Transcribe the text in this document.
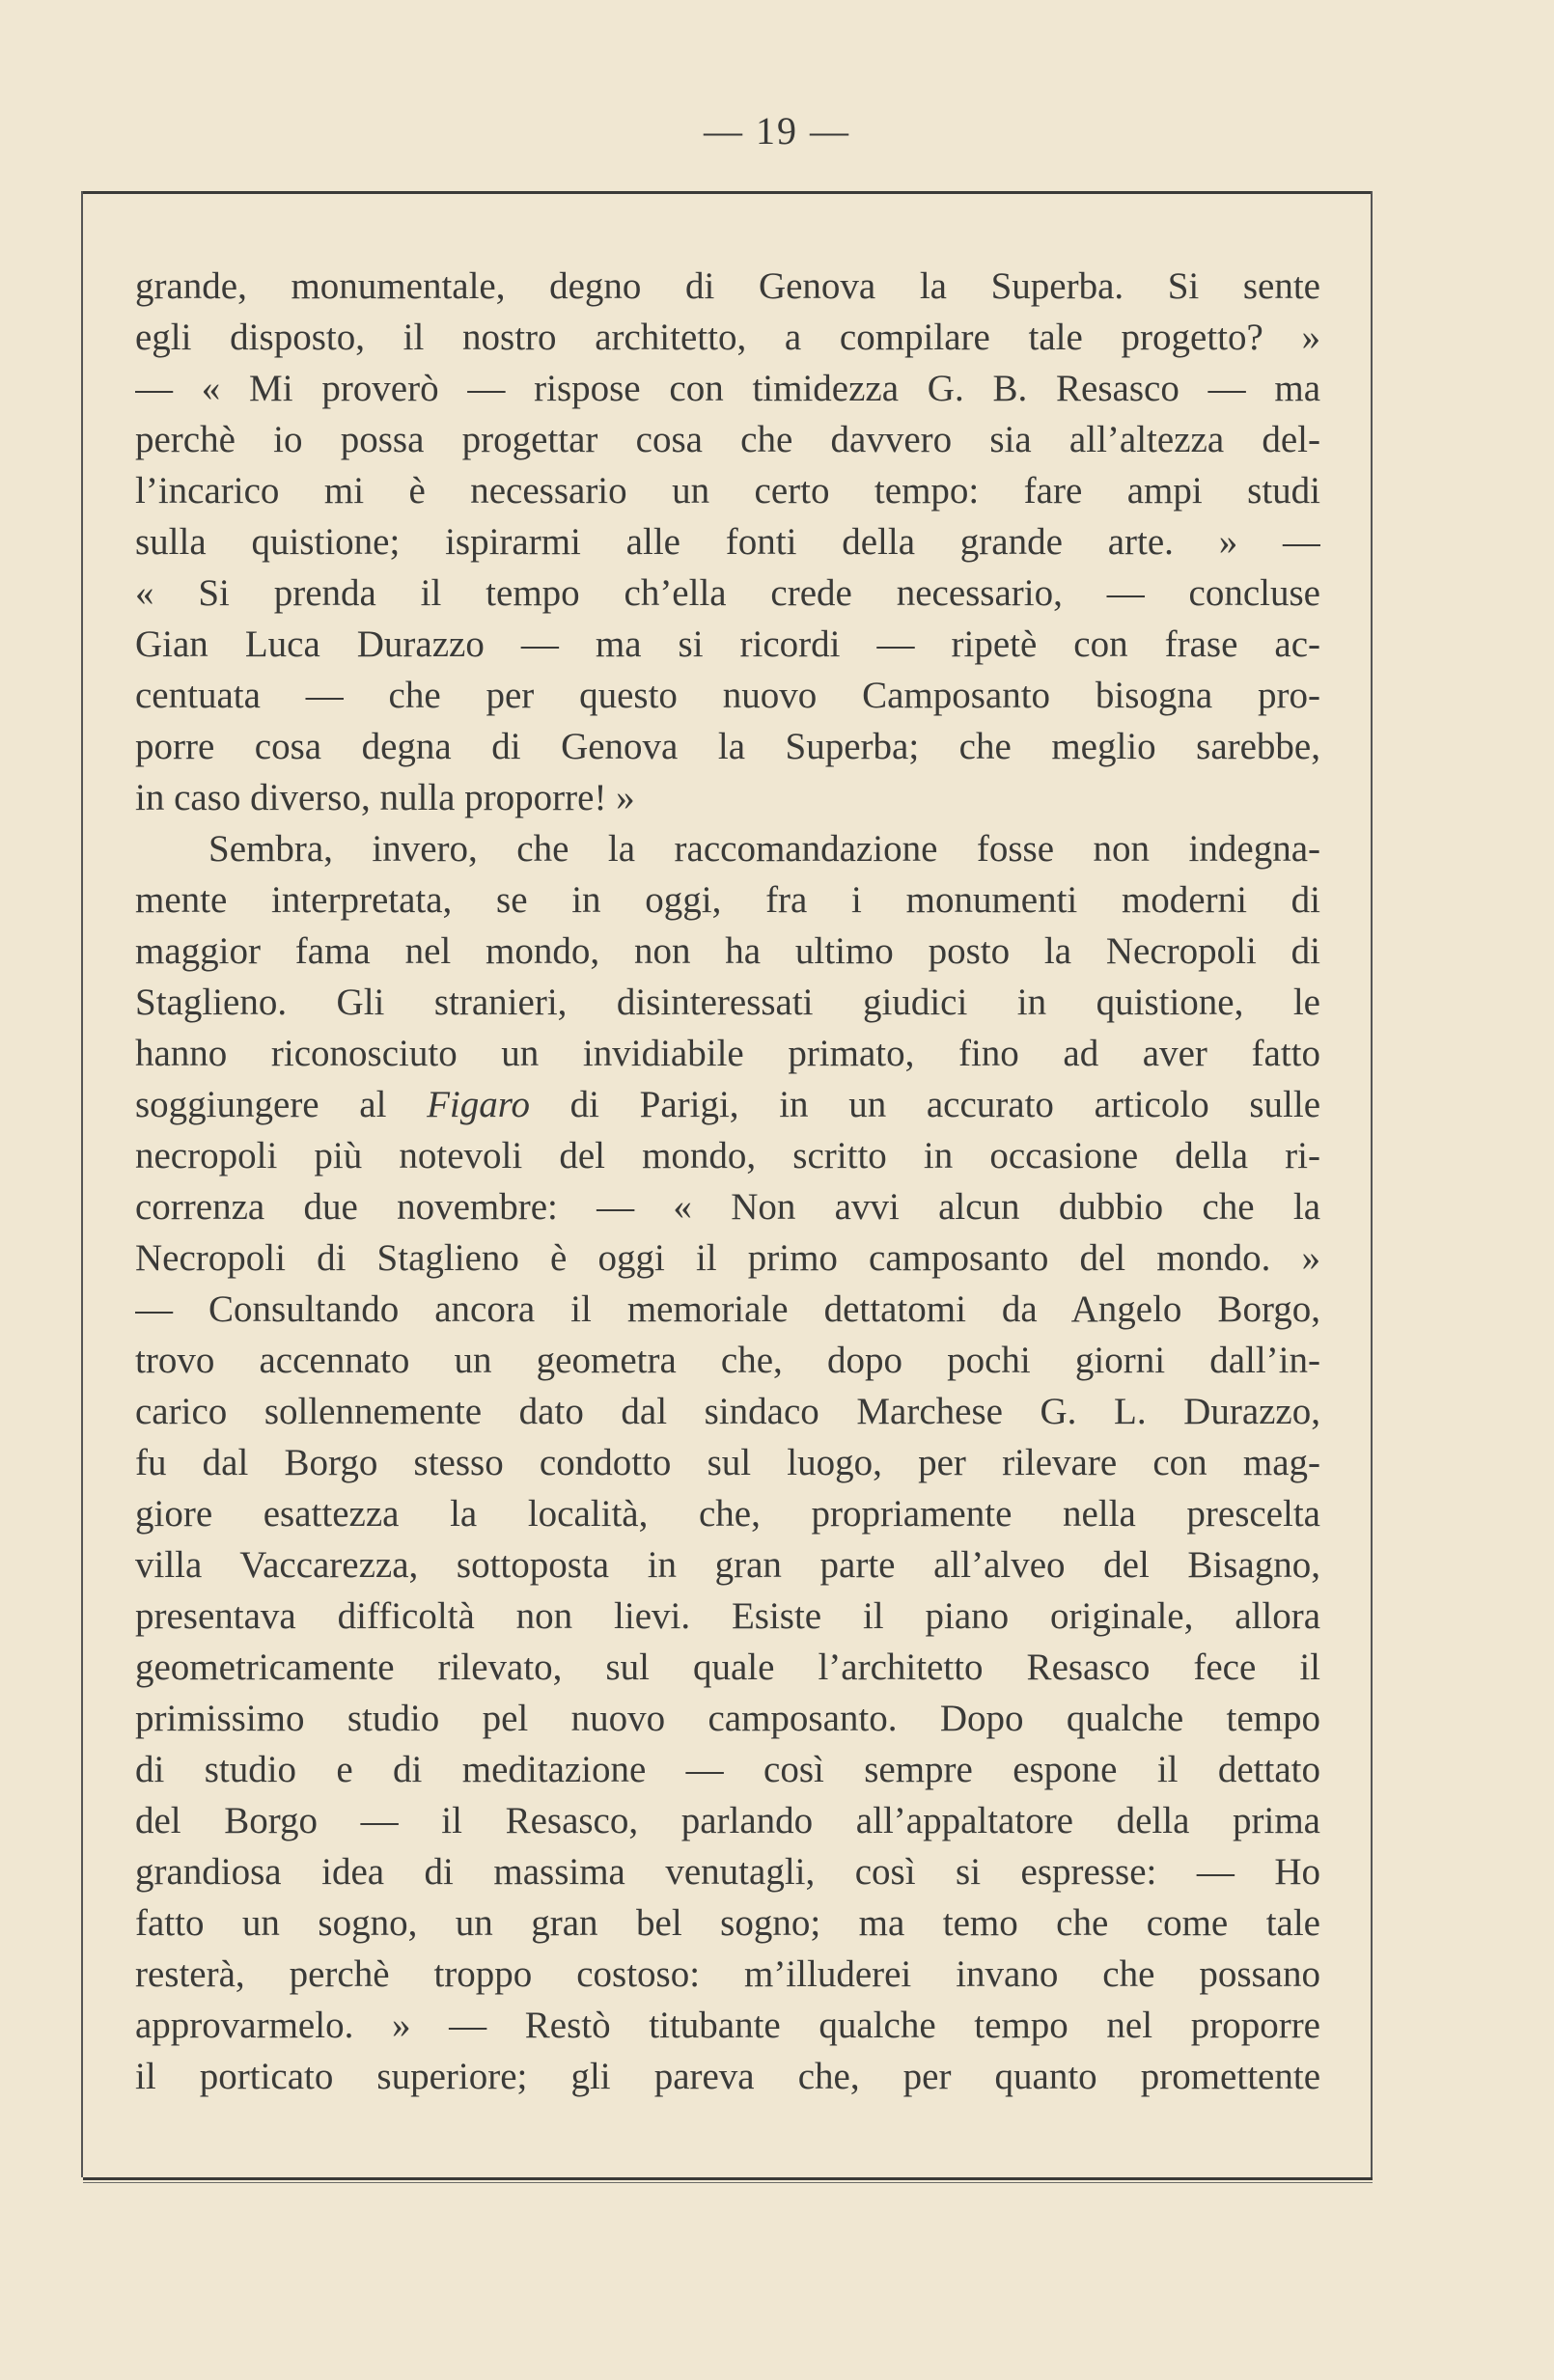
— 19 —
grande, monumentale, degno di Genova la Superba. Si sente
egli disposto, il nostro architetto, a compilare tale progetto? »
— « Mi proverò — rispose con timidezza G. B. Resasco — ma
perchè io possa progettar cosa che davvero sia all’altezza del-
l’incarico mi è necessario un certo tempo: fare ampi studi
sulla quistione; ispirarmi alle fonti della grande arte. » —
« Si prenda il tempo ch’ella crede necessario, — concluse
Gian Luca Durazzo — ma si ricordi — ripetè con frase ac-
centuata — che per questo nuovo Camposanto bisogna pro-
porre cosa degna di Genova la Superba; che meglio sarebbe,
in caso diverso, nulla proporre! »
Sembra, invero, che la raccomandazione fosse non indegna-
mente interpretata, se in oggi, fra i monumenti moderni di
maggior fama nel mondo, non ha ultimo posto la Necropoli di
Staglieno. Gli stranieri, disinteressati giudici in quistione, le
hanno riconosciuto un invidiabile primato, fino ad aver fatto
soggiungere al Figaro di Parigi, in un accurato articolo sulle
necropoli più notevoli del mondo, scritto in occasione della ri-
correnza due novembre: — « Non avvi alcun dubbio che la
Necropoli di Staglieno è oggi il primo camposanto del mondo. »
— Consultando ancora il memoriale dettatomi da Angelo Borgo,
trovo accennato un geometra che, dopo pochi giorni dall’in-
carico sollennemente dato dal sindaco Marchese G. L. Durazzo,
fu dal Borgo stesso condotto sul luogo, per rilevare con mag-
giore esattezza la località, che, propriamente nella prescelta
villa Vaccarezza, sottoposta in gran parte all’alveo del Bisagno,
presentava difficoltà non lievi. Esiste il piano originale, allora
geometricamente rilevato, sul quale l’architetto Resasco fece il
primissimo studio pel nuovo camposanto. Dopo qualche tempo
di studio e di meditazione — così sempre espone il dettato
del Borgo — il Resasco, parlando all’appaltatore della prima
grandiosa idea di massima venutagli, così si espresse: — Ho
fatto un sogno, un gran bel sogno; ma temo che come tale
resterà, perchè troppo costoso: m’illuderei invano che possano
approvarmelo. » — Restò titubante qualche tempo nel proporre
il porticato superiore; gli pareva che, per quanto promettente
